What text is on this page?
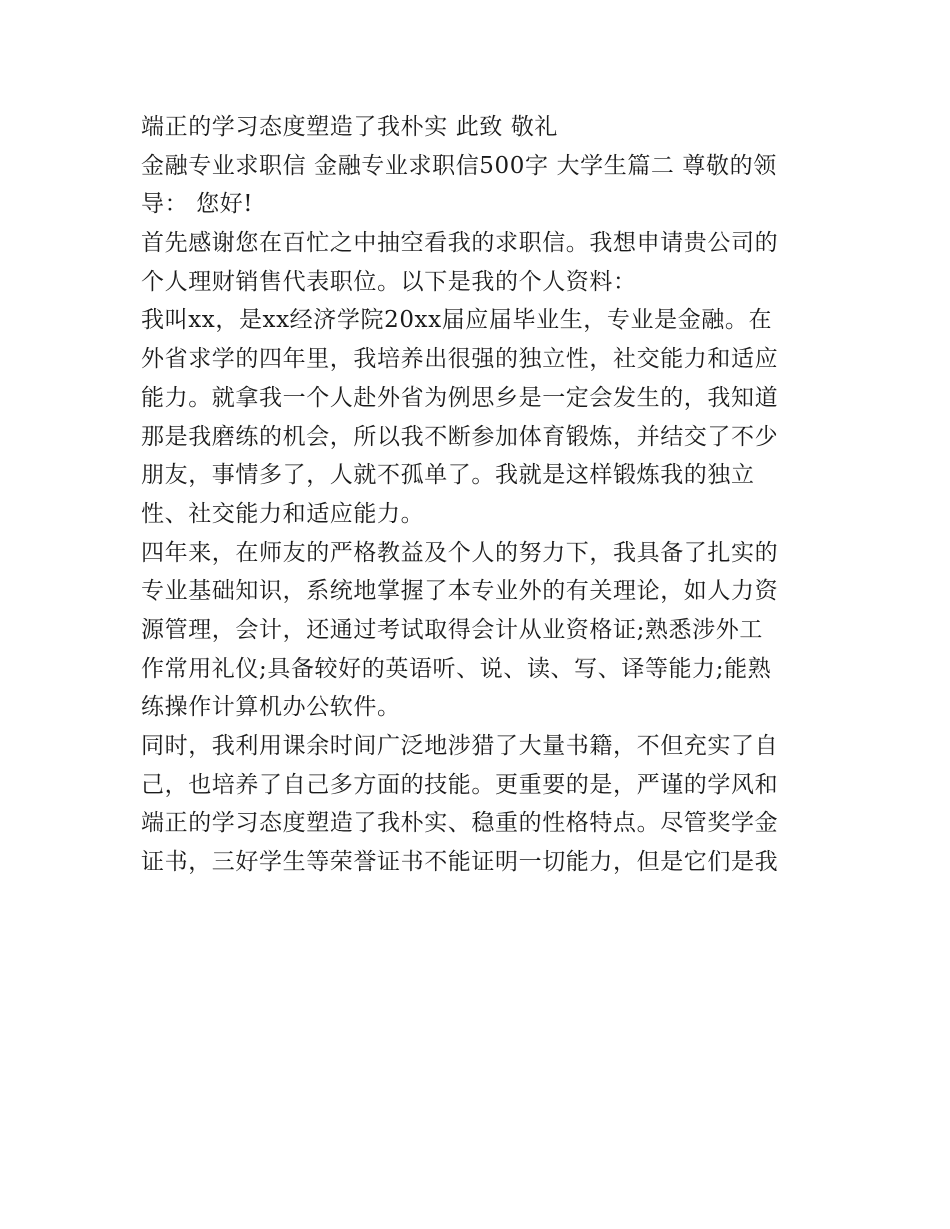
端正的学习态度塑造了我朴实 此致 敬礼
金融专业求职信 金融专业求职信500字 大学生篇二 尊敬的领
导： 您好!
首先感谢您在百忙之中抽空看我的求职信。我想申请贵公司的
个人理财销售代表职位。以下是我的个人资料：
我叫xx，是xx经济学院20xx届应届毕业生，专业是金融。在
外省求学的四年里，我培养出很强的独立性，社交能力和适应
能力。就拿我一个人赴外省为例思乡是一定会发生的，我知道
那是我磨练的机会，所以我不断参加体育锻炼，并结交了不少
朋友，事情多了，人就不孤单了。我就是这样锻炼我的独立
性、社交能力和适应能力。
四年来，在师友的严格教益及个人的努力下，我具备了扎实的
专业基础知识，系统地掌握了本专业外的有关理论，如人力资
源管理，会计，还通过考试取得会计从业资格证;熟悉涉外工
作常用礼仪;具备较好的英语听、说、读、写、译等能力;能熟
练操作计算机办公软件。
同时，我利用课余时间广泛地涉猎了大量书籍，不但充实了自
己，也培养了自己多方面的技能。更重要的是，严谨的学风和
端正的学习态度塑造了我朴实、稳重的性格特点。尽管奖学金
证书，三好学生等荣誉证书不能证明一切能力，但是它们是我
